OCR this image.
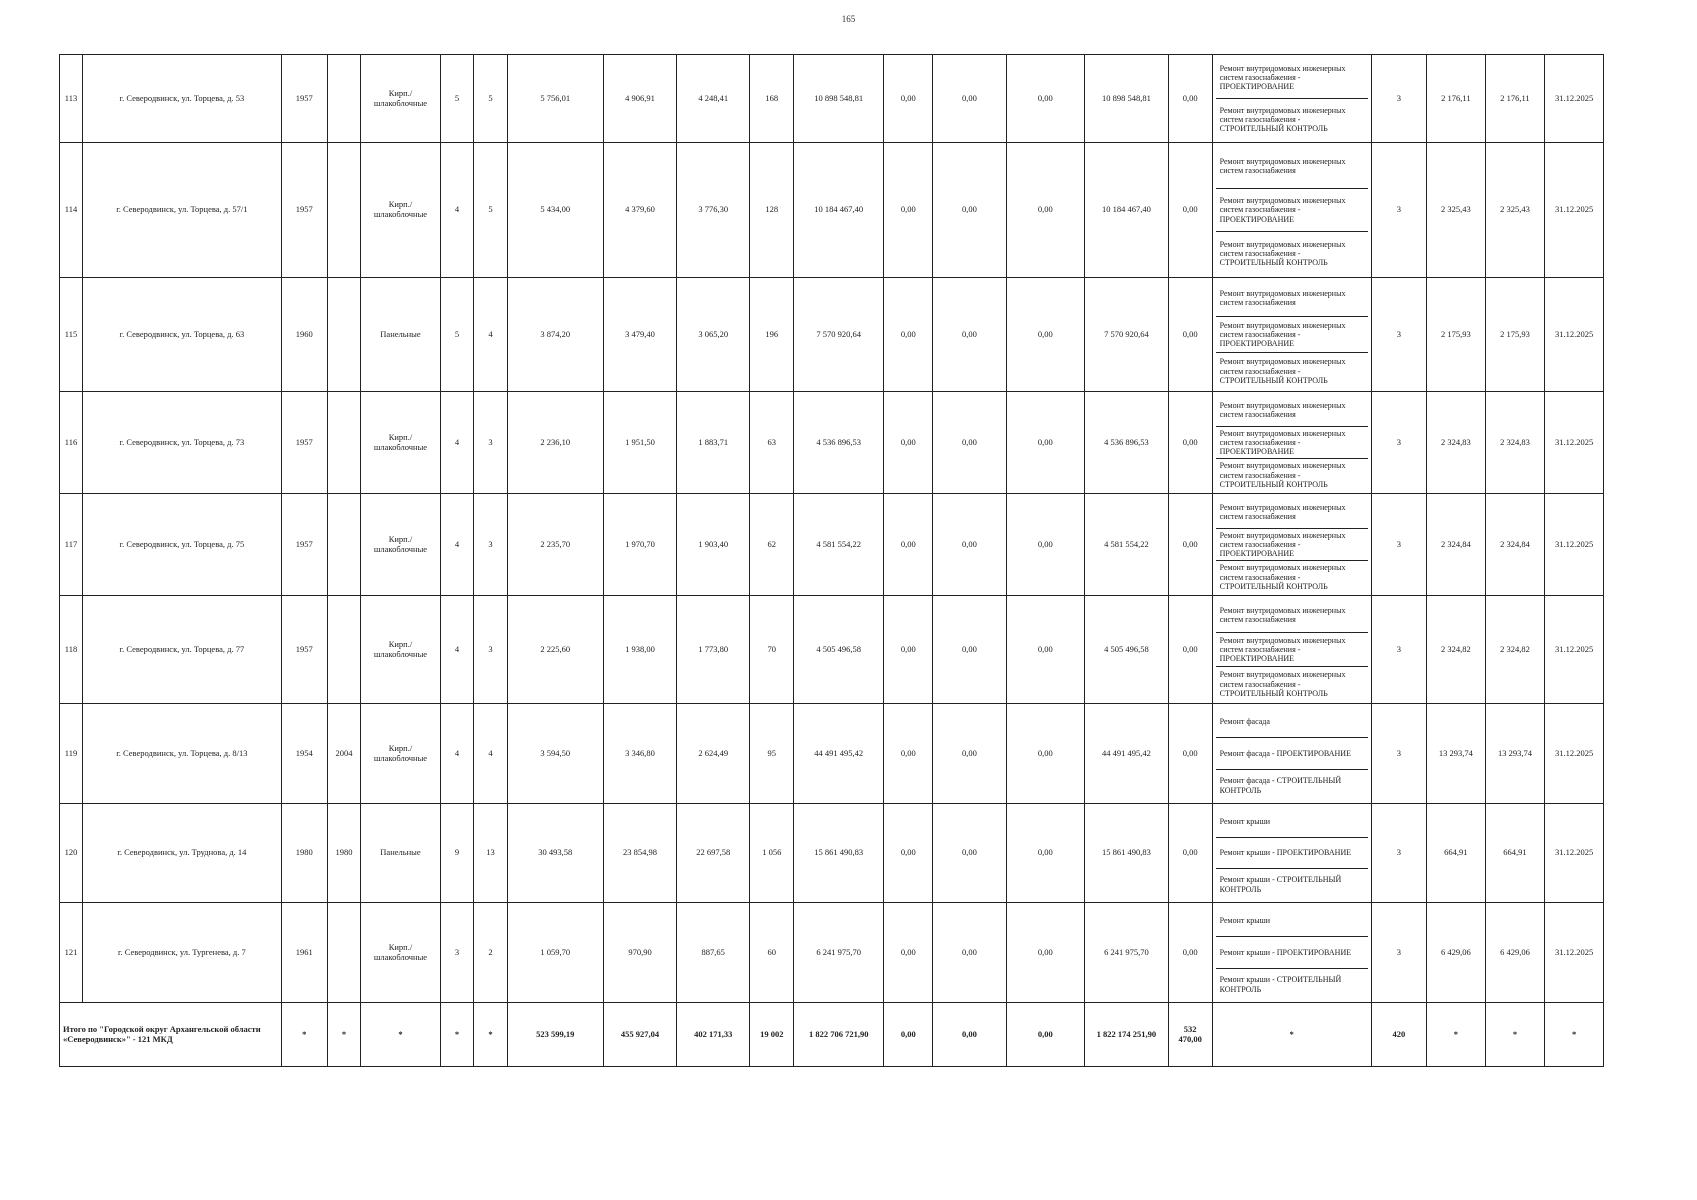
165
113	г. Северодвинск, ул. Торцева, д. 53	1957		Кирп./ шлакоблочные	5	5	5 756,01	4 906,91	4 248,41	168	10 898 548,81	0,00	0,00	0,00	10 898 548,81	0,00	Ремонт внутридомовых инженерных систем газоснабжения - ПРОЕКТИРОВАНИЕ
Ремонт внутридомовых инженерных систем газоснабжения - СТРОИТЕЛЬНЫЙ КОНТРОЛЬ	3	2 176,11	2 176,11	31.12.2025
114	г. Северодвинск, ул. Торцева, д. 57/1	1957		Кирп./ шлакоблочные	4	5	5 434,00	4 379,60	3 776,30	128	10 184 467,40	0,00	0,00	0,00	10 184 467,40	0,00	Ремонт внутридомовых инженерных систем газоснабжения
Ремонт внутридомовых инженерных систем газоснабжения - ПРОЕКТИРОВАНИЕ
Ремонт внутридомовых инженерных систем газоснабжения - СТРОИТЕЛЬНЫЙ КОНТРОЛЬ	3	2 325,43	2 325,43	31.12.2025
115	г. Северодвинск, ул. Торцева, д. 63	1960		Панельные	5	4	3 874,20	3 479,40	3 065,20	196	7 570 920,64	0,00	0,00	0,00	7 570 920,64	0,00	Ремонт внутридомовых инженерных систем газоснабжения
Ремонт внутридомовых инженерных систем газоснабжения - ПРОЕКТИРОВАНИЕ
Ремонт внутридомовых инженерных систем газоснабжения - СТРОИТЕЛЬНЫЙ КОНТРОЛЬ	3	2 175,93	2 175,93	31.12.2025
116	г. Северодвинск, ул. Торцева, д. 73	1957		Кирп./ шлакоблочные	4	3	2 236,10	1 951,50	1 883,71	63	4 536 896,53	0,00	0,00	0,00	4 536 896,53	0,00	Ремонт внутридомовых инженерных систем газоснабжения
Ремонт внутридомовых инженерных систем газоснабжения - ПРОЕКТИРОВАНИЕ
Ремонт внутридомовых инженерных систем газоснабжения - СТРОИТЕЛЬНЫЙ КОНТРОЛЬ	3	2 324,83	2 324,83	31.12.2025
117	г. Северодвинск, ул. Торцева, д. 75	1957		Кирп./ шлакоблочные	4	3	2 235,70	1 970,70	1 903,40	62	4 581 554,22	0,00	0,00	0,00	4 581 554,22	0,00	Ремонт внутридомовых инженерных систем газоснабжения
Ремонт внутридомовых инженерных систем газоснабжения - ПРОЕКТИРОВАНИЕ
Ремонт внутридомовых инженерных систем газоснабжения - СТРОИТЕЛЬНЫЙ КОНТРОЛЬ	3	2 324,84	2 324,84	31.12.2025
118	г. Северодвинск, ул. Торцева, д. 77	1957		Кирп./ шлакоблочные	4	3	2 225,60	1 938,00	1 773,80	70	4 505 496,58	0,00	0,00	0,00	4 505 496,58	0,00	Ремонт внутридомовых инженерных систем газоснабжения
Ремонт внутридомовых инженерных систем газоснабжения - ПРОЕКТИРОВАНИЕ
Ремонт внутридомовых инженерных систем газоснабжения - СТРОИТЕЛЬНЫЙ КОНТРОЛЬ	3	2 324,82	2 324,82	31.12.2025
119	г. Северодвинск, ул. Торцева, д. 8/13	1954	2004	Кирп./ шлакоблочные	4	4	3 594,50	3 346,80	2 624,49	95	44 491 495,42	0,00	0,00	0,00	44 491 495,42	0,00	Ремонт фасада
Ремонт фасада - ПРОЕКТИРОВАНИЕ
Ремонт фасада - СТРОИТЕЛЬНЫЙ КОНТРОЛЬ	3	13 293,74	13 293,74	31.12.2025
120	г. Северодвинск, ул. Труднова, д. 14	1980	1980	Панельные	9	13	30 493,58	23 854,98	22 697,58	1 056	15 861 490,83	0,00	0,00	0,00	15 861 490,83	0,00	Ремонт крыши
Ремонт крыши - ПРОЕКТИРОВАНИЕ
Ремонт крыши - СТРОИТЕЛЬНЫЙ КОНТРОЛЬ	3	664,91	664,91	31.12.2025
121	г. Северодвинск, ул. Тургенева, д. 7	1961		Кирп./ шлакоблочные	3	2	1 059,70	970,90	887,65	60	6 241 975,70	0,00	0,00	0,00	6 241 975,70	0,00	Ремонт крыши
Ремонт крыши - ПРОЕКТИРОВАНИЕ
Ремонт крыши - СТРОИТЕЛЬНЫЙ КОНТРОЛЬ	3	6 429,06	6 429,06	31.12.2025
Итого по "Городской округ Архангельской области «Северодвинск»" - 121 МКД		*	*	*	*	*	523 599,19	455 927,04	402 171,33	19 002	1 822 706 721,90	0,00	0,00	0,00	1 822 174 251,90	532 470,00	*	420	*	*	*
